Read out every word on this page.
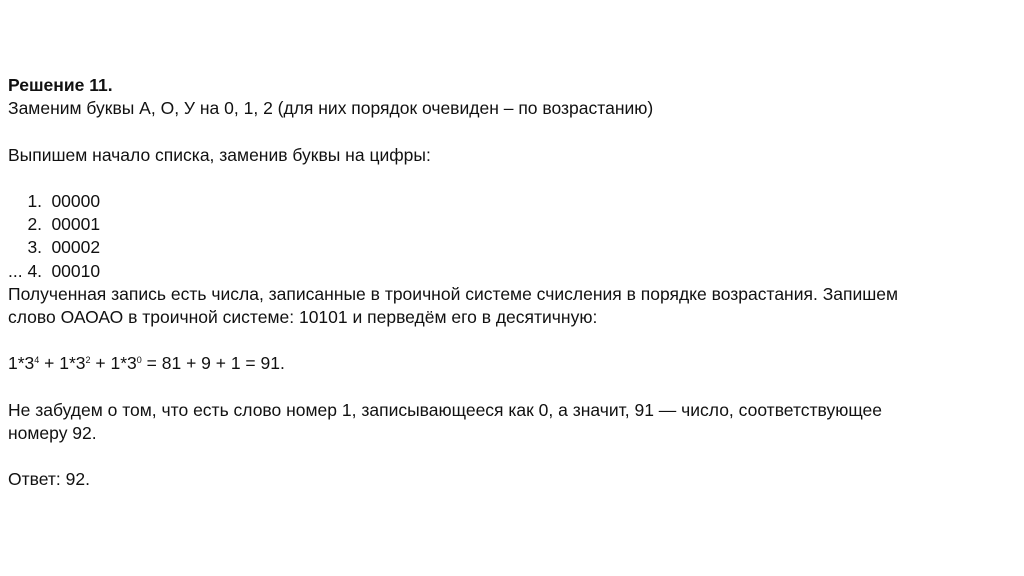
Решение 11.
Заменим буквы А, О, У на 0, 1, 2 (для них порядок очевиден – по возрастанию)
Выпишем начало списка, заменив буквы на цифры:

1. 00000

2. 00001

3. 00002

4. 00010

...
Полученная запись есть числа, записанные в троичной системе счисления в порядке возрастания. Запишем
слово ОАОАО в троичной системе: 10101 и перведём его в десятичную:
$1*3^4 + 1*3^2 + 1*3^0 = 81 + 9 + 1 = 91$.
Не забудем о том, что есть слово номер 1, записывающееся как 0, а значит, 91 — число, соответствующее
номеру 92.
Ответ: 92.
